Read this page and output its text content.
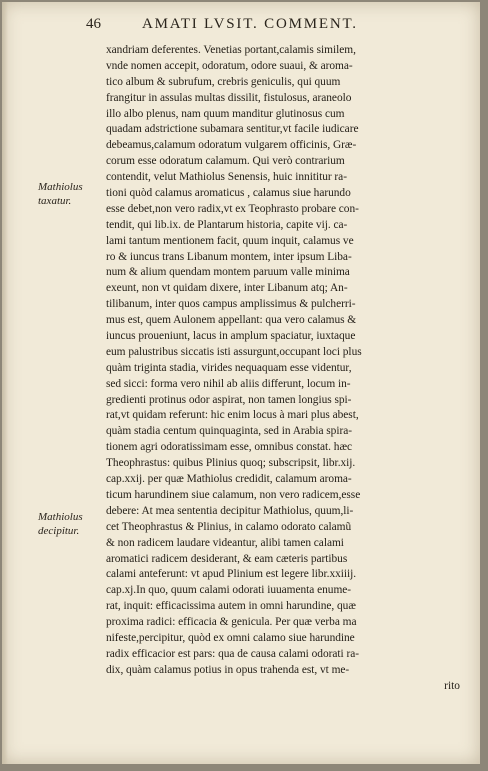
46	AMATI LVSIT. COMMENT.
Mathiolus
taxatur.
Mathiolus
decipitur.
xandriam deferentes. Venetias portant,calamis similem,
vnde nomen accepit, odoratum, odore suaui, & aroma-
tico album & subrufum, crebris geniculis, qui quum
frangitur in assulas multas dissilit, fistulosus, araneolo
illo albo plenus, nam quum manditur glutinosus cum
quadam adstrictione subamara sentitur,vt facile iudicare
debeamus,calamum odoratum vulgarem officinis, Græ-
corum esse odoratum calamum. Qui verò contrarium
contendit, velut Mathiolus Senensis, huic innititur ra-
tioni quòd calamus aromaticus , calamus siue harundo
esse debet,non vero radix,vt ex Teophrasto probare con-
tendit, qui lib.ix. de Plantarum historia, capite vij. ca-
lami tantum mentionem facit, quum inquit, calamus ve
ro & iuncus trans Libanum montem, inter ipsum Liba-
num & alium quendam montem paruum valle minima
exeunt, non vt quidam dixere, inter Libanum atq; An-
tilibanum, inter quos campus amplissimus & pulcherri-
mus est, quem Aulonem appellant: qua vero calamus &
iuncus proueniunt, lacus in amplum spaciatur, iuxtaque
eum palustribus siccatis isti assurgunt,occupant loci plus
quàm triginta stadia, virides nequaquam esse videntur,
sed sicci: forma vero nihil ab aliis differunt, locum in-
gredienti protinus odor aspirat, non tamen longius spi-
rat,vt quidam referunt: hic enim locus à mari plus abest,
quàm stadia centum quinquaginta, sed in Arabia spira-
tionem agri odoratissimam esse, omnibus constat. hæc
Theophrastus: quibus Plinius quoq; subscripsit, libr.xij.
cap.xxij. per quæ Mathiolus credidit, calamum aroma-
ticum harundinem siue calamum, non vero radicem,esse
debere: At mea sententia decipitur Mathiolus, quum,li-
cet Theophrastus & Plinius, in calamo odorato calamũ
& non radicem laudare videantur, alibi tamen calami
aromatici radicem desiderant, & eam cæteris partibus
calami anteferunt: vt apud Plinium est legere libr.xxiiij.
cap.xj.In quo, quum calami odorati iuuamenta enume-
rat, inquit: efficacissima autem in omni harundine, quæ
proxima radici: efficacia & genicula. Per quæ verba ma
nifeste,percipitur, quòd ex omni calamo siue harundine
radix efficacior est pars: qua de causa calami odorati ra-
dix, quàm calamus potius in opus trahenda est, vt me-
rito
